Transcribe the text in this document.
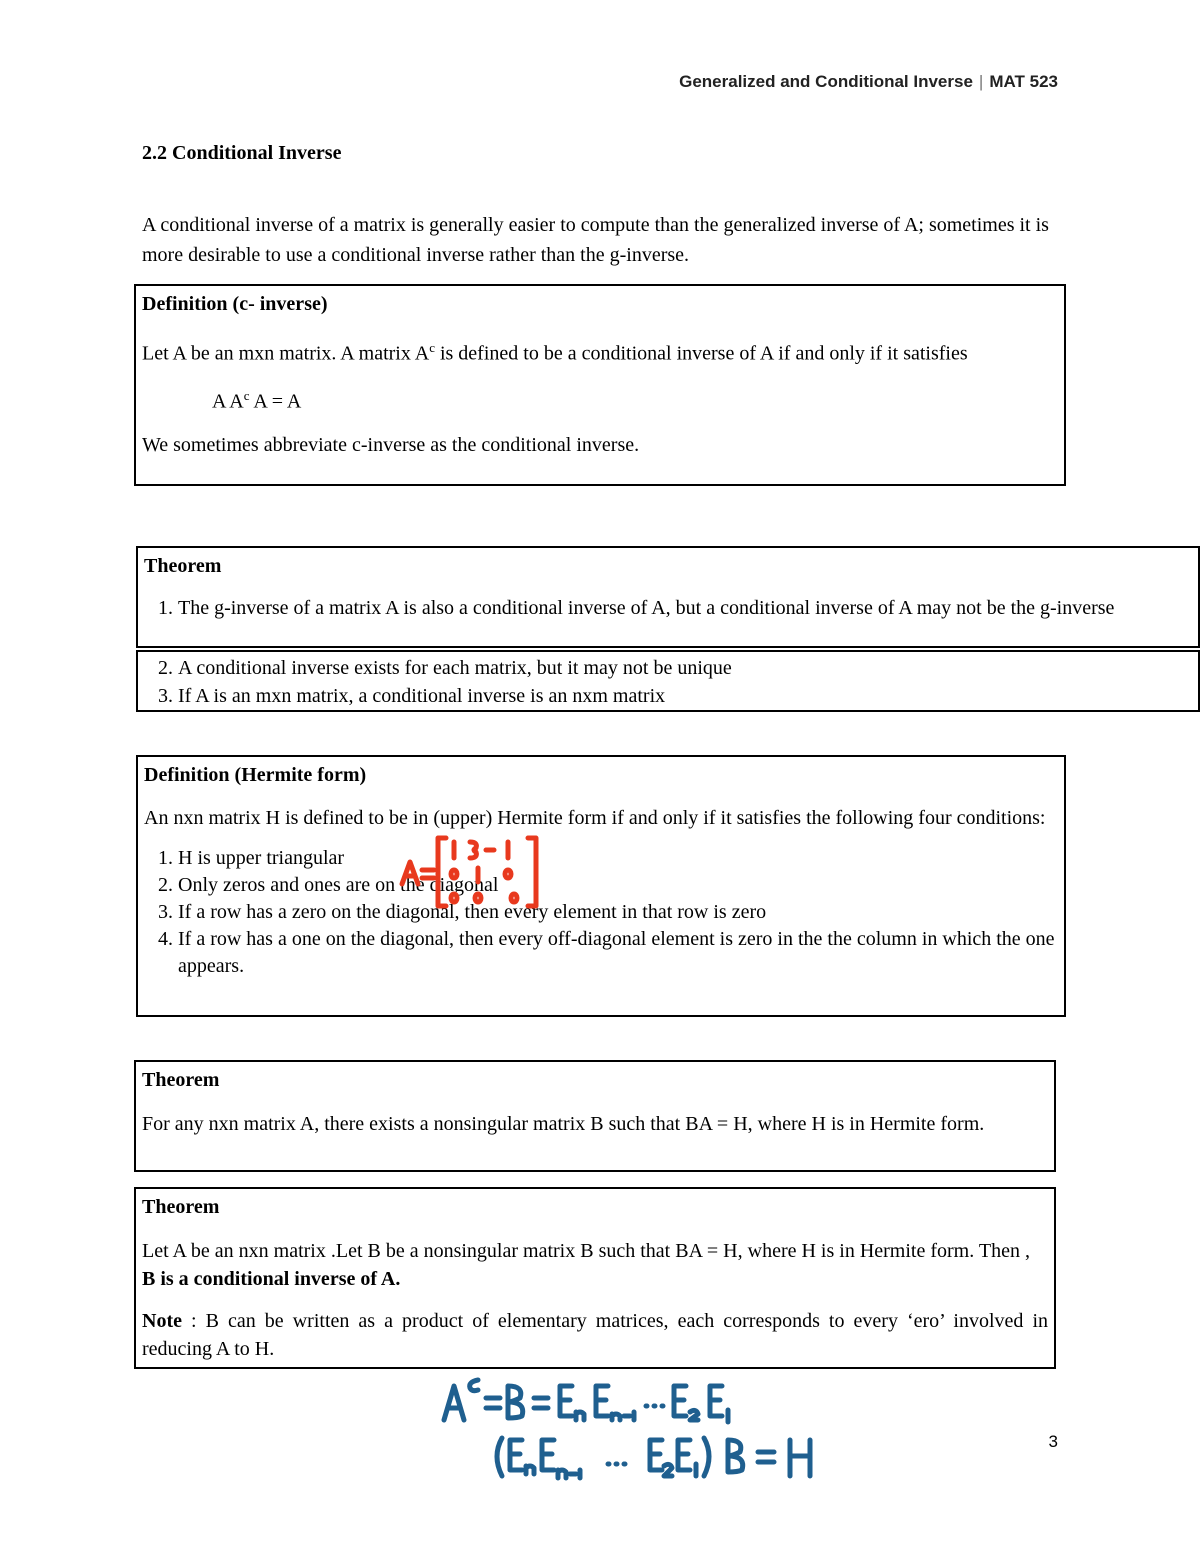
Generalized and Conditional Inverse | MAT 523
2.2 Conditional Inverse

A conditional inverse of a matrix is generally easier to compute than the generalized inverse of A; sometimes it is more desirable to use a conditional inverse rather than the g-inverse.

Definition (c- inverse)

Let A be an mxn matrix. A matrix $A^c$ is defined to be a conditional inverse of A if and only if it satisfies

A $A^c$ A = A

We sometimes abbreviate c-inverse as the conditional inverse.

Theorem

1. The g-inverse of a matrix A is also a conditional inverse of A, but a conditional inverse of A may not be the g-inverse
2. A conditional inverse exists for each matrix, but it may not be unique
3. If A is an mxn matrix, a conditional inverse is an nxm matrix

Definition (Hermite form)

An nxn matrix H is defined to be in (upper) Hermite form if and only if it satisfies the following four conditions:

1. H is upper triangular
2. Only zeros and ones are on the diagonal
3. If a row has a zero on the diagonal, then every element in that row is zero
4. If a row has a one on the diagonal, then every off-diagonal element is zero in the the column in which the one appears.

Theorem

For any nxn matrix A, there exists a nonsingular matrix B such that BA = H, where H is in Hermite form.

Theorem

Let A be an nxn matrix .Let B be a nonsingular matrix B such that BA = H, where H is in Hermite form. Then , B is a conditional inverse of A.

Note : B can be written as a product of elementary matrices, each corresponds to every ‘ero’ involved in reducing A to H.

3
